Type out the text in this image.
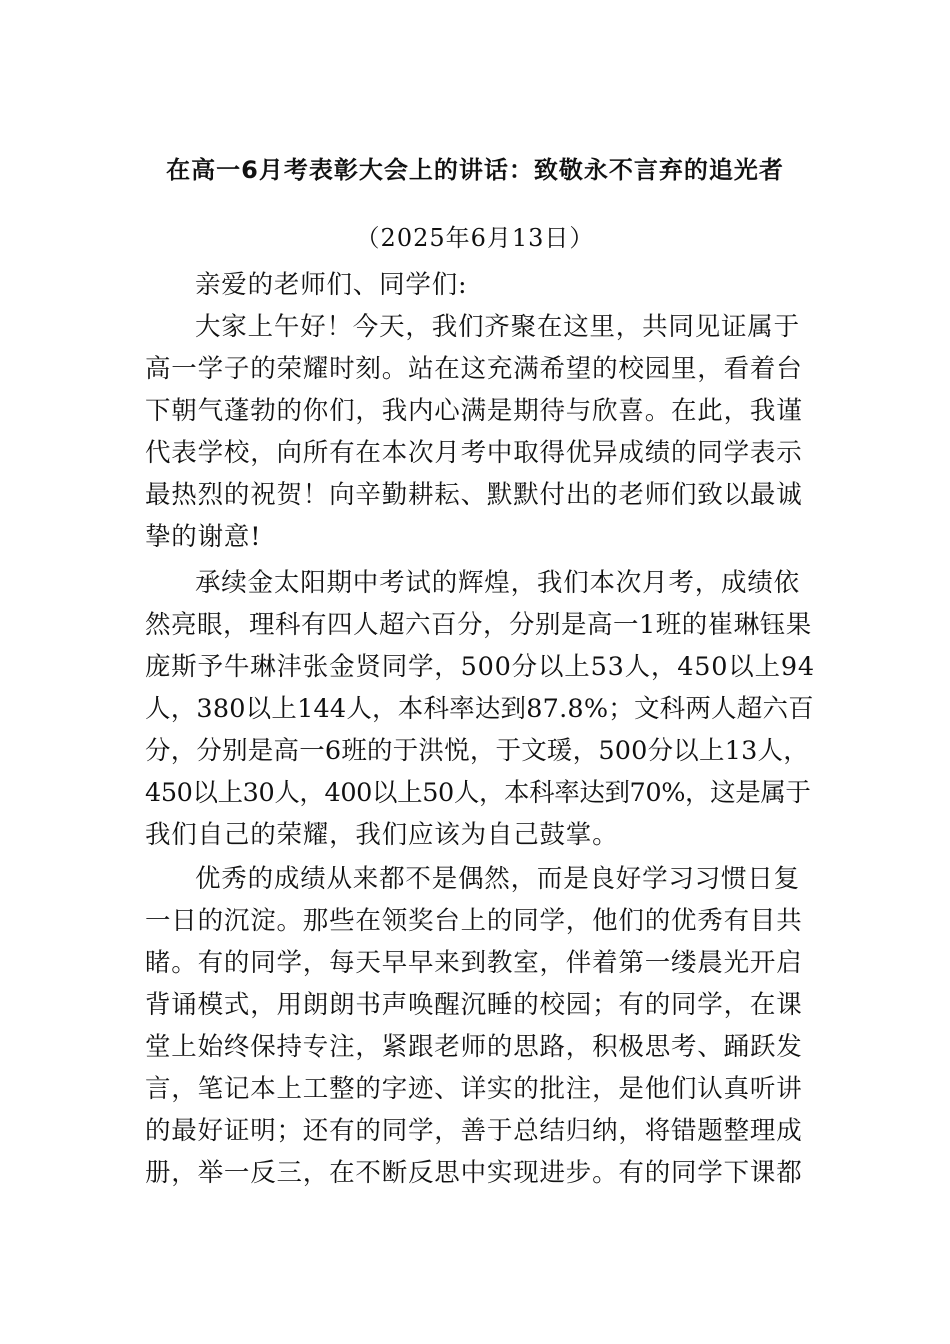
在高一6月考表彰大会上的讲话：致敬永不言弃的追光者
（2025年6月13日）
亲爱的老师们、同学们:
大家上午好！今天，我们齐聚在这里，共同见证属于
高一学子的荣耀时刻。站在这充满希望的校园里，看着台
下朝气蓬勃的你们，我内心满是期待与欣喜。在此，我谨
代表学校，向所有在本次月考中取得优异成绩的同学表示
最热烈的祝贺！向辛勤耕耘、默默付出的老师们致以最诚
挚的谢意!
承续金太阳期中考试的辉煌，我们本次月考，成绩依
然亮眼，理科有四人超六百分，分别是高一1班的崔琳钰果
庞斯予牛琳沣张金贤同学，500分以上53人，450以上94
人，380以上144人，本科率达到87.8%；文科两人超六百
分，分别是高一6班的于洪悦，于文瑗，500分以上13人，
450以上30人，400以上50人，本科率达到70%，这是属于
我们自己的荣耀，我们应该为自己鼓掌。
优秀的成绩从来都不是偶然，而是良好学习习惯日复
一日的沉淀。那些在领奖台上的同学，他们的优秀有目共
睹。有的同学，每天早早来到教室，伴着第一缕晨光开启
背诵模式，用朗朗书声唤醒沉睡的校园；有的同学，在课
堂上始终保持专注，紧跟老师的思路，积极思考、踊跃发
言，笔记本上工整的字迹、详实的批注，是他们认真听讲
的最好证明；还有的同学，善于总结归纳，将错题整理成
册，举一反三，在不断反思中实现进步。有的同学下课都
